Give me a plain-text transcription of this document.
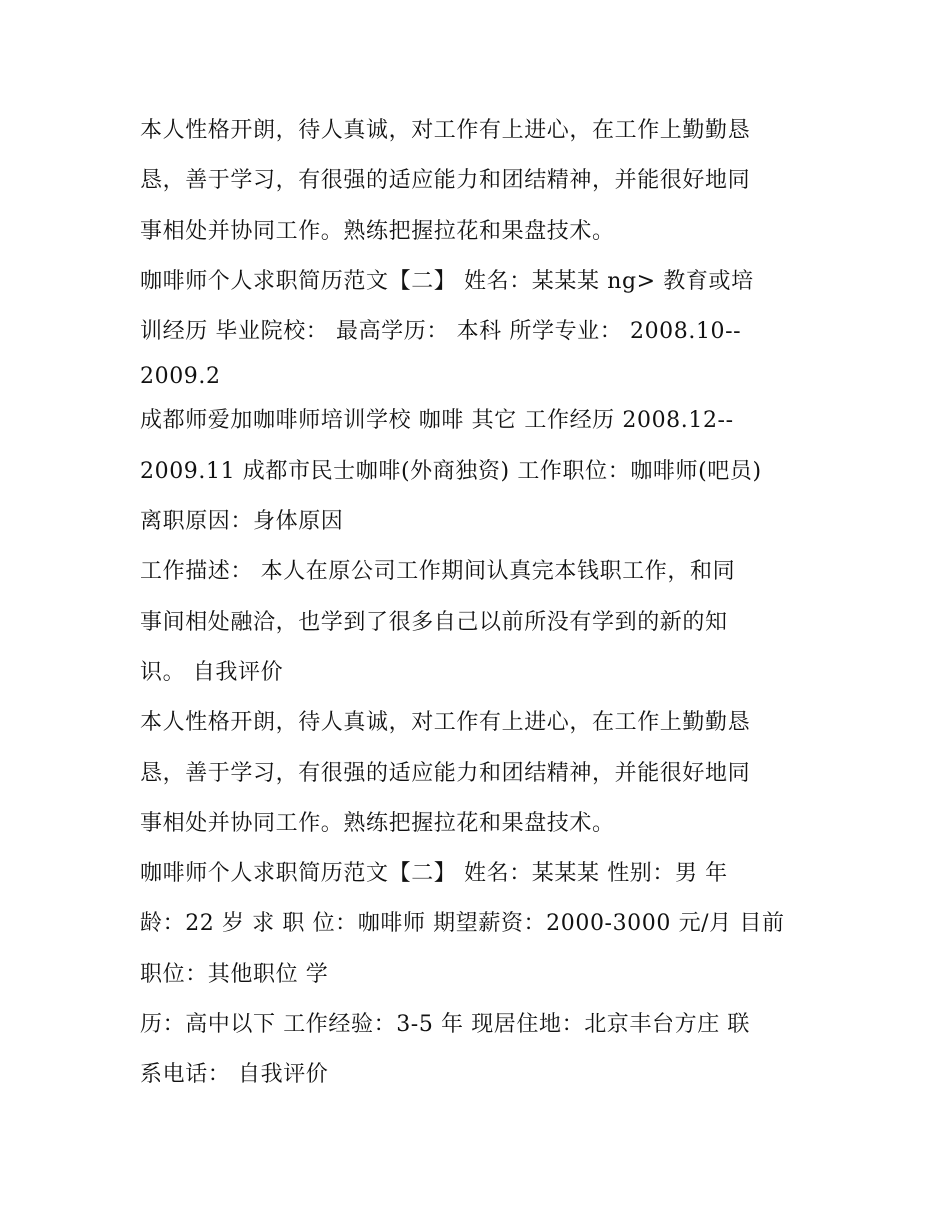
本人性格开朗，待人真诚，对工作有上进心，在工作上勤勤恳
恳，善于学习，有很强的适应能力和团结精神，并能很好地同
事相处并协同工作。熟练把握拉花和果盘技术。
咖啡师个人求职简历范文【二】 姓名：某某某 ng> 教育或培
训经历 毕业院校： 最高学历： 本科 所学专业： 2008.10--
2009.2
成都师爱加咖啡师培训学校 咖啡 其它 工作经历 2008.12--
2009.11 成都市民士咖啡(外商独资) 工作职位：咖啡师(吧员)
离职原因：身体原因
工作描述： 本人在原公司工作期间认真完本钱职工作，和同
事间相处融洽，也学到了很多自己以前所没有学到的新的知
识。 自我评价
本人性格开朗，待人真诚，对工作有上进心，在工作上勤勤恳
恳，善于学习，有很强的适应能力和团结精神，并能很好地同
事相处并协同工作。熟练把握拉花和果盘技术。
咖啡师个人求职简历范文【二】 姓名：某某某 性别：男 年
龄：22 岁 求 职 位：咖啡师 期望薪资：2000-3000 元/月 目前
职位：其他职位 学
历：高中以下 工作经验：3-5 年 现居住地：北京丰台方庄 联
系电话： 自我评价
